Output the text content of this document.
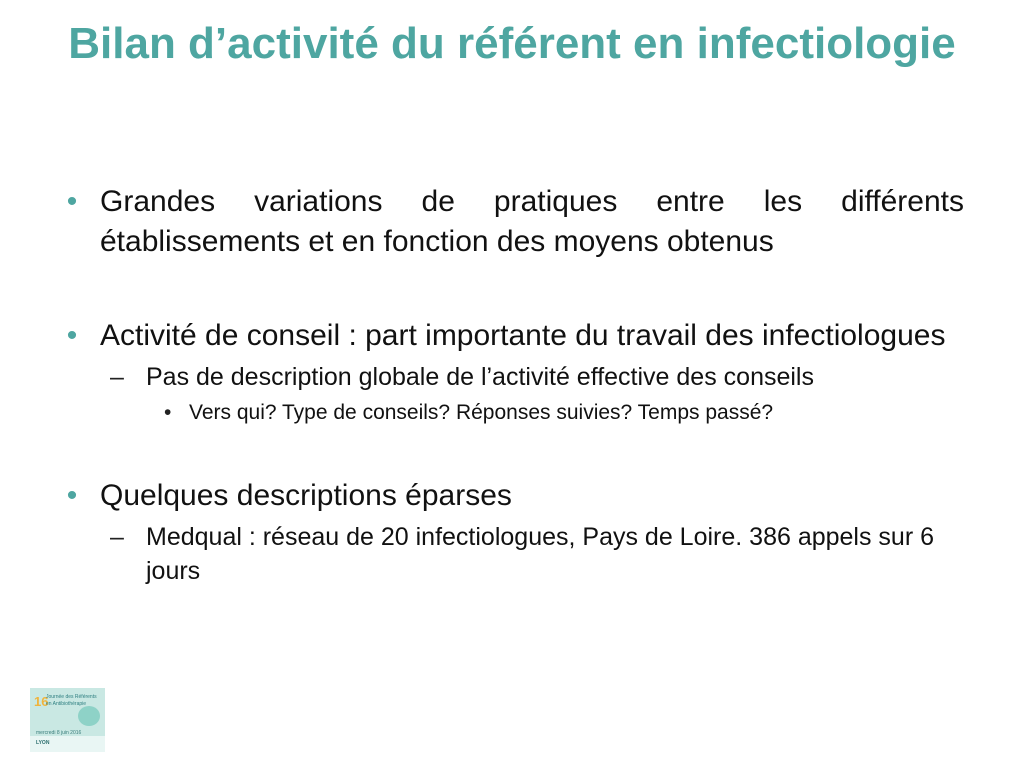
Bilan d’activité du référent en infectiologie
• Grandes variations de pratiques entre les différents établissements et en fonction des moyens obtenus
• Activité de conseil : part importante du travail des infectiologues
– Pas de description globale de l’activité effective des conseils
• Vers qui? Type de conseils? Réponses suivies? Temps passé?
• Quelques descriptions éparses
– Medqual : réseau de 20 infectiologues, Pays de Loire. 386 appels sur 6 jours
16
Journée des Référents
en Antibiothérapie
mercredi 8 juin 2016
LYON
